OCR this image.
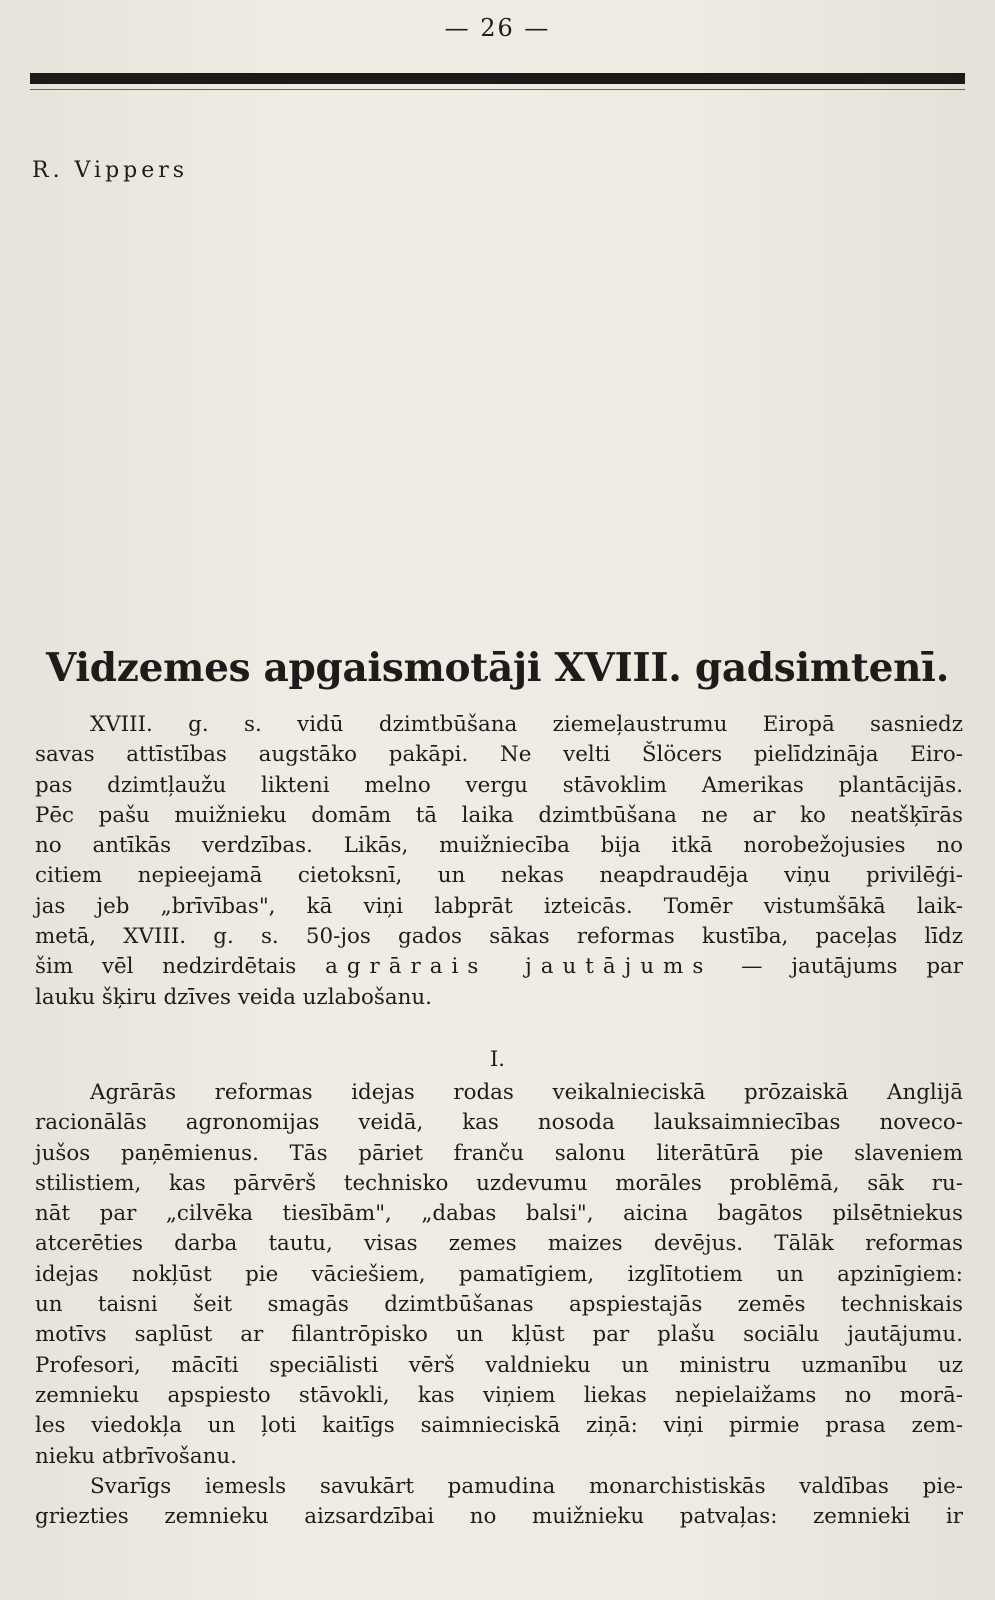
— 26 —
R. Vippers
Vidzemes apgaismotāji XVIII. gadsimtenī.
XVIII. g. s. vidū dzimtbūšana ziemeļaustrumu Eiropā sasniedz
savas attīstības augstāko pakāpi. Ne velti Šlöcers pielīdzināja Eiro-
pas dzimtļaužu likteni melno vergu stāvoklim Amerikas plantācijās.
Pēc pašu muižnieku domām tā laika dzimtbūšana ne ar ko neatšķīrās
no antīkās verdzības. Likās, muižniecība bija itkā norobežojusies no
citiem nepieejamā cietoksnī, un nekas neapdraudēja viņu privilēģi-
jas jeb „brīvības", kā viņi labprāt izteicās. Tomēr vistumšākā laik-
metā, XVIII. g. s. 50-jos gados sākas reformas kustība, paceļas līdz
šim vēl nedzirdētais agrārais jautājums — jautājums par
lauku šķiru dzīves veida uzlabošanu.
I.
Agrārās reformas idejas rodas veikalnieciskā prōzaiskā Anglijā
racionālās agronomijas veidā, kas nosoda lauksaimniecības noveco-
jušos paņēmienus. Tās pāriet franču salonu literātūrā pie slaveniem
stilistiem, kas pārvērš technisko uzdevumu morāles problēmā, sāk ru-
nāt par „cilvēka tiesībām", „dabas balsi", aicina bagātos pilsētniekus
atcerēties darba tautu, visas zemes maizes devējus. Tālāk reformas
idejas nokļūst pie vāciešiem, pamatīgiem, izglītotiem un apzinīgiem:
un taisni šeit smagās dzimtbūšanas apspiestajās zemēs techniskais
motīvs saplūst ar filantrōpisko un kļūst par plašu sociālu jautājumu.
Profesori, mācīti speciālisti vērš valdnieku un ministru uzmanību uz
zemnieku apspiesto stāvokli, kas viņiem liekas nepielaižams no morā-
les viedokļa un ļoti kaitīgs saimnieciskā ziņā: viņi pirmie prasa zem-
nieku atbrīvošanu.
Svarīgs iemesls savukārt pamudina monarchistiskās valdības pie-
griezties zemnieku aizsardzībai no muižnieku patvaļas: zemnieki ir
